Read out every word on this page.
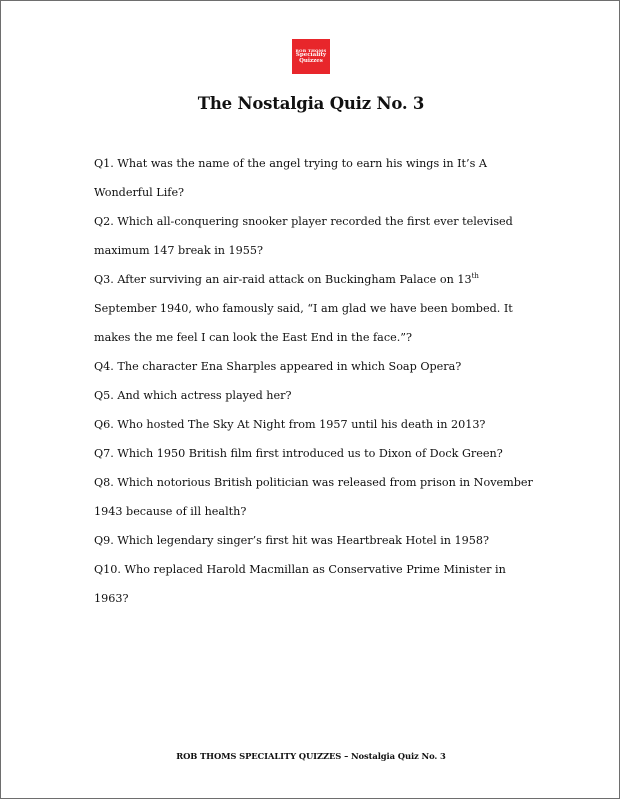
ROB THOMS
Speciality
Quizzes
The Nostalgia Quiz No. 3
Q1. What was the name of the angel trying to earn his wings in It’s A
Wonderful Life?
Q2. Which all-conquering snooker player recorded the first ever televised
maximum 147 break in 1955?
Q3. After surviving an air-raid attack on Buckingham Palace on 13th
September 1940, who famously said, “I am glad we have been bombed. It
makes the me feel I can look the East End in the face.”?
Q4. The character Ena Sharples appeared in which Soap Opera?
Q5. And which actress played her?
Q6. Who hosted The Sky At Night from 1957 until his death in 2013?
Q7. Which 1950 British film first introduced us to Dixon of Dock Green?
Q8. Which notorious British politician was released from prison in November
1943 because of ill health?
Q9. Which legendary singer’s first hit was Heartbreak Hotel in 1958?
Q10. Who replaced Harold Macmillan as Conservative Prime Minister in
1963?
ROB THOMS SPECIALITY QUIZZES – Nostalgia Quiz No. 3
